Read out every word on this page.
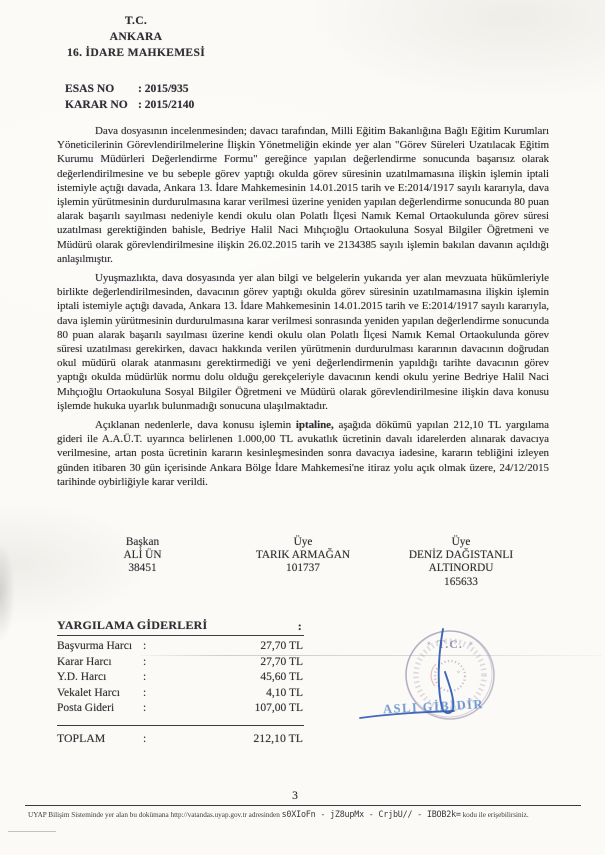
T.C.
ANKARA
16. İDARE MAHKEMESİ
ESAS NO : 2015/935
KARAR NO : 2015/2140

Dava dosyasının incelenmesinden; davacı tarafından, Milli Eğitim Bakanlığına Bağlı Eğitim Kurumları Yöneticilerinin Görevlendirilmelerine İlişkin Yönetmeliğin ekinde yer alan "Görev Süreleri Uzatılacak Eğitim Kurumu Müdürleri Değerlendirme Formu" gereğince yapılan değerlendirme sonucunda başarısız olarak değerlendirilmesine ve bu sebeple görev yaptığı okulda görev süresinin uzatılmamasına ilişkin işlemin iptali istemiyle açtığı davada, Ankara 13. İdare Mahkemesinin 14.01.2015 tarih ve E:2014/1917 sayılı kararıyla, dava işlemin yürütmesinin durdurulmasına karar verilmesi üzerine yeniden yapılan değerlendirme sonucunda 80 puan alarak başarılı sayılması nedeniyle kendi okulu olan Polatlı İlçesi Namık Kemal Ortaokulunda görev süresi uzatılması gerektiğinden bahisle, Bedriye Halil Naci Mıhçıoğlu Ortaokuluna Sosyal Bilgiler Öğretmeni ve Müdürü olarak görevlendirilmesine ilişkin 26.02.2015 tarih ve 2134385 sayılı işlemin bakılan davanın açıldığı anlaşılmıştır.

Uyuşmazlıkta, dava dosyasında yer alan bilgi ve belgelerin yukarıda yer alan mevzuata hükümleriyle birlikte değerlendirilmesinden, davacının görev yaptığı okulda görev süresinin uzatılmamasına ilişkin işlemin iptali istemiyle açtığı davada, Ankara 13. İdare Mahkemesinin 14.01.2015 tarih ve E:2014/1917 sayılı kararıyla, dava işlemin yürütmesinin durdurulmasına karar verilmesi sonrasında yeniden yapılan değerlendirme sonucunda 80 puan alarak başarılı sayılması üzerine kendi okulu olan Polatlı İlçesi Namık Kemal Ortaokulunda görev süresi uzatılması gerekirken, davacı hakkında verilen yürütmenin durdurulması kararının davacının doğrudan okul müdürü olarak atanmasını gerektirmediği ve yeni değerlendirmenin yapıldığı tarihte davacının görev yaptığı okulda müdürlük normu dolu olduğu gerekçeleriyle davacının kendi okulu yerine Bedriye Halil Naci Mıhçıoğlu Ortaokuluna Sosyal Bilgiler Öğretmeni ve Müdürü olarak görevlendirilmesine ilişkin dava konusu işlemde hukuka uyarlık bulunmadığı sonucuna ulaşılmaktadır.

Açıklanan nedenlerle, dava konusu işlemin iptaline, aşağıda dökümü yapılan 212,10 TL yargılama gideri ile A.A.Ü.T. uyarınca belirlenen 1.000,00 TL avukatlık ücretinin davalı idarelerden alınarak davacıya verilmesine, artan posta ücretinin kararın kesinleşmesinden sonra davacıya iadesine, kararın tebliğini izleyen günden itibaren 30 gün içerisinde Ankara Bölge İdare Mahkemesi'ne itiraz yolu açık olmak üzere, 24/12/2015 tarihinde oybirliğiyle karar verildi.

Başkan
ALİ ÜN
38451
Üye
TARIK ARMAĞAN
101737
Üye
DENİZ DAĞISTANLI
ALTINORDU
165633
YARGILAMA GİDERLERİ	:
Başvurma Harcı :	27,70 TL
Karar Harcı	:	27,70 TL
Y.D. Harcı	:	45,60 TL
Vekalet Harcı :	4,10 TL
Posta Gideri	:	107,00 TL
TOPLAM	:	212,10 TL
✶	✶
✧
T.C.
ASLI GİBİDİR
3
UYAP Bilişim Sisteminde yer alan bu dokümana http://vatandas.uyap.gov.tr adresinden s0XIoFn - jZ8upMx - CrjbU// - IBOB2k= kodu ile erişebilirsiniz.
